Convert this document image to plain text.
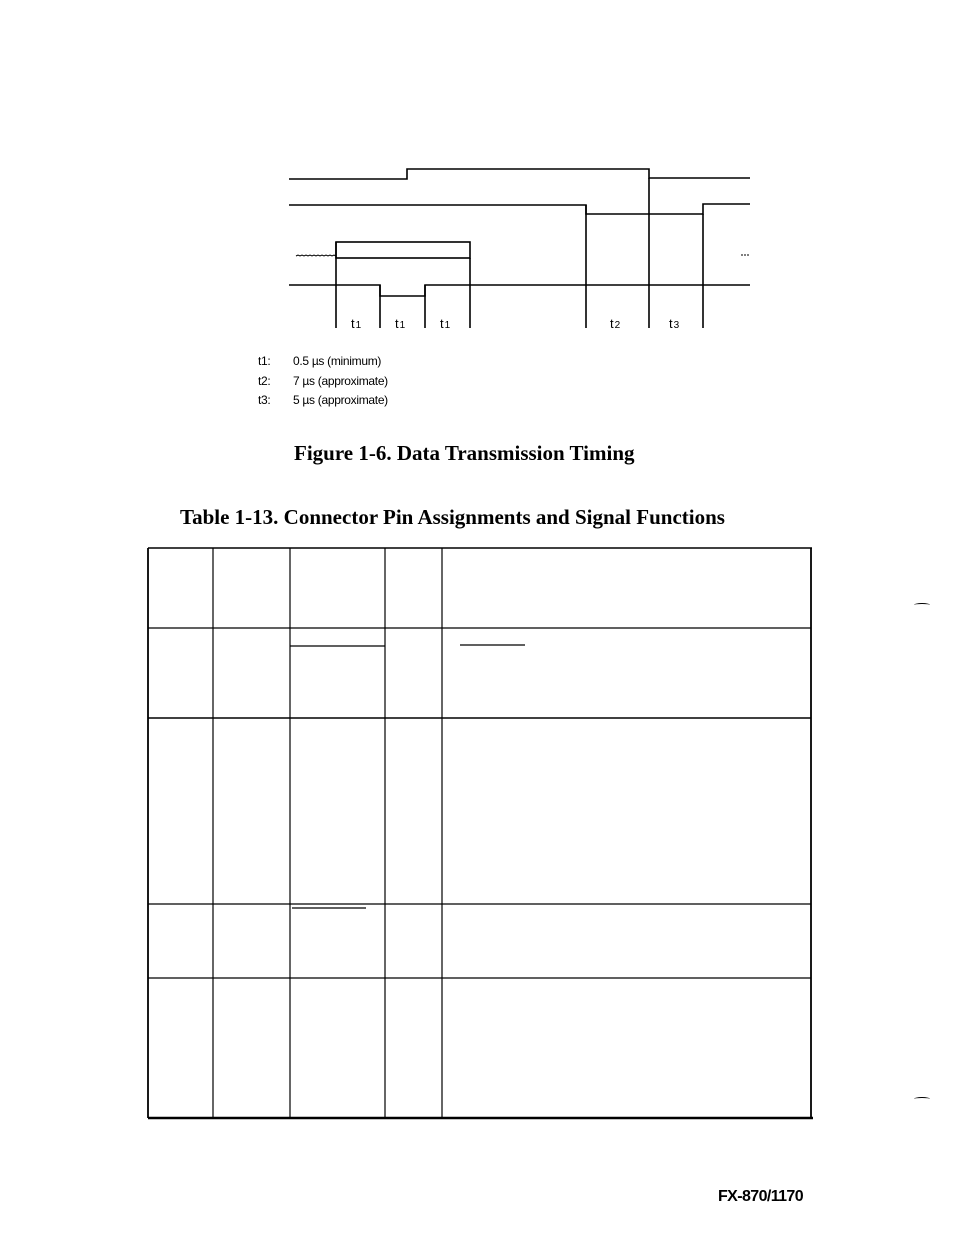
t1	t1	t1	t2	t3
t1:	0.5 µs (minimum)
t2:	7 µs (approximate)
t3:	5 µs (approximate)
Figure 1-6. Data Transmission Timing
Table 1-13. Connector Pin Assignments and Signal Functions
FX-870/1170
